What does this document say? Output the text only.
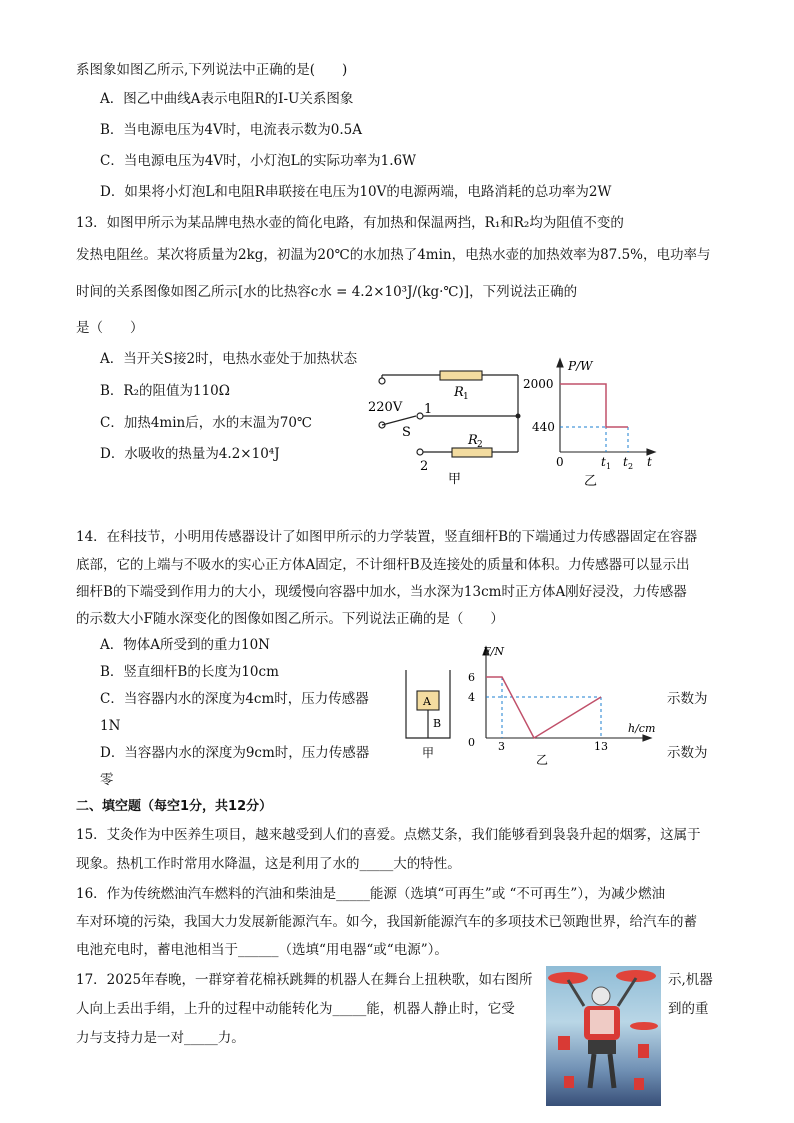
系图象如图乙所示,下列说法中正确的是(　　)
A．图乙中曲线A表示电阻R的I-U关系图象
B．当电源电压为4V时，电流表示数为0.5A
C．当电源电压为4V时，小灯泡L的实际功率为1.6W
D．如果将小灯泡L和电阻R串联接在电压为10V的电源两端，电路消耗的总功率为2W
13．如图甲所示为某品牌电热水壶的简化电路，有加热和保温两挡，R₁和R₂均为阻值不变的
发热电阻丝。某次将质量为2kg，初温为20℃的水加热了4min，电热水壶的加热效率为87.5%，电功率与
时间的关系图像如图乙所示[水的比热容c水 = 4.2×10³J/(kg·℃)]，下列说法正确的
是（　　）
A．当开关S接2时，电热水壶处于加热状态
B．R₂的阻值为110Ω
C．加热4min后，水的末温为70℃
D．水吸收的热量为4.2×10⁴J
14．在科技节，小明用传感器设计了如图甲所示的力学装置，竖直细杆B的下端通过力传感器固定在容器
底部，它的上端与不吸水的实心正方体A固定，不计细杆B及连接处的质量和体积。力传感器可以显示出
细杆B的下端受到作用力的大小，现缓慢向容器中加水，当水深为13cm时正方体A刚好浸没，力传感器
的示数大小F随水深变化的图像如图乙所示。下列说法正确的是（　　）
A．物体A所受到的重力10N
B．竖直细杆B的长度为10cm
C．当容器内水的深度为4cm时，压力传感器	示数为
1N
D．当容器内水的深度为9cm时，压力传感器	示数为
零
二、填空题（每空1分，共12分）
15．艾灸作为中医养生项目，越来越受到人们的喜爱。点燃艾条，我们能够看到袅袅升起的烟雾，这属于
现象。热机工作时常用水降温，这是利用了水的_____大的特性。
16．作为传统燃油汽车燃料的汽油和柴油是_____能源（选填“可再生”或 “不可再生”），为减少燃油
车对环境的污染，我国大力发展新能源汽车。如今，我国新能源汽车的多项技术已领跑世界，给汽车的蓄
电池充电时，蓄电池相当于______（选填“用电器“或“电源”）。
17．2025年春晚，一群穿着花棉袄跳舞的机器人在舞台上扭秧歌，如右图所	示,机器
人向上丢出手绢，上升的过程中动能转化为_____能，机器人静止时，它受	到的重
力与支持力是一对_____力。
220V 1
S
2
R 1
R 2
甲
P/W
2000
440
0	t 1 t 2 t
乙
A
B
甲
F/N
6
4
0 3	13
h/cm
乙
